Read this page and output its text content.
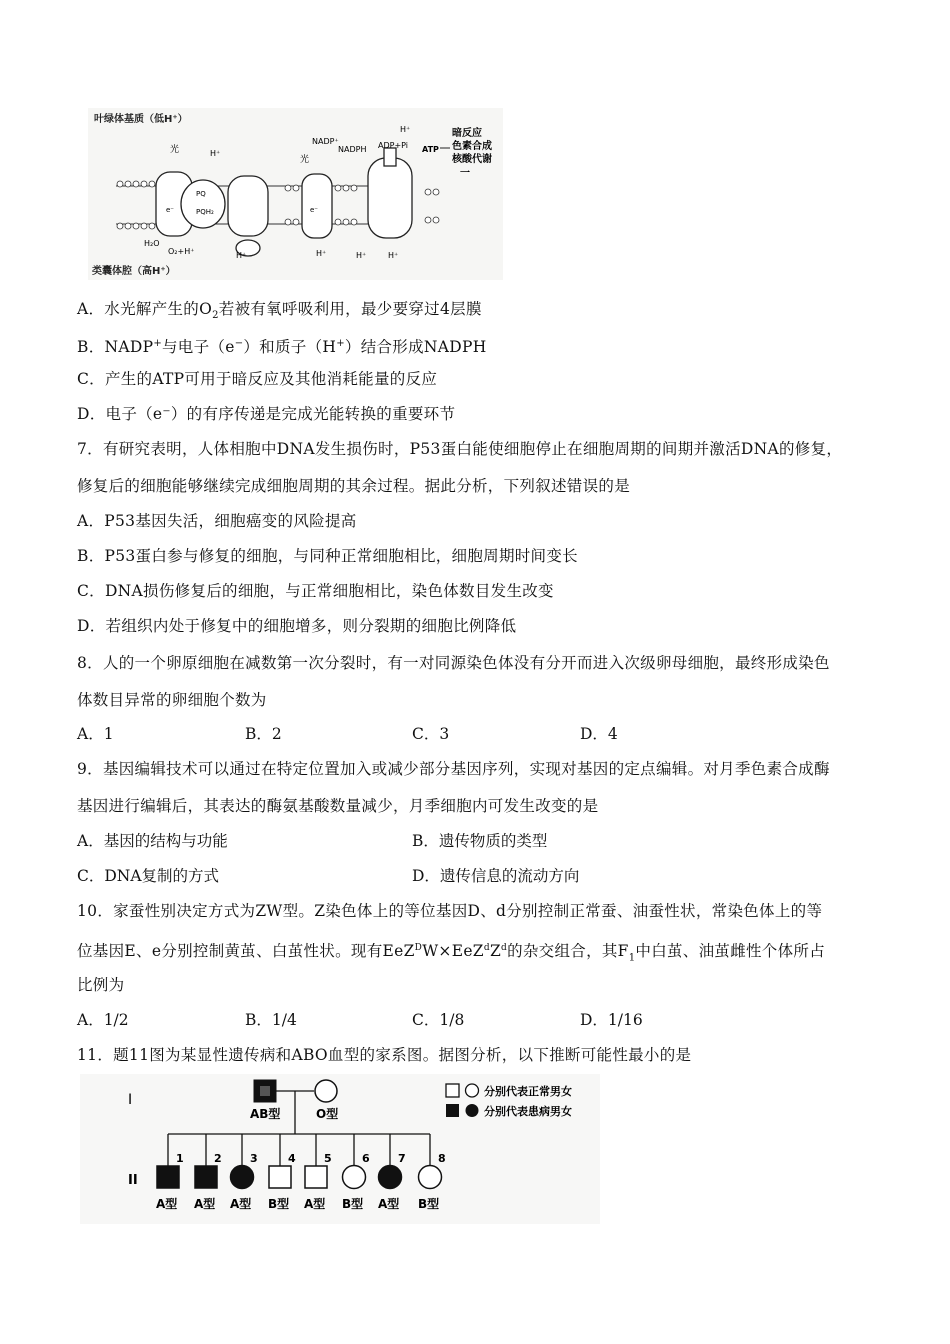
叶绿体基质（低H⁺）
类囊体腔（高H⁺）
光
光
H⁺
H⁺	H⁺	H⁺	H⁺
H⁺
NADP⁺
NADPH ADP+Pi ATP
PQ
PQH₂
e⁻	e⁻
H₂O
O₂+H⁺
暗反应
色素合成
核酸代谢
一
A．水光解产生的$O_2$若被有氧呼吸利用，最少要穿过4层膜
B．NADP+与电子（e−）和质子（H+）结合形成NADPH
C．产生的ATP可用于暗反应及其他消耗能量的反应
D．电子（e⁻）的有序传递是完成光能转换的重要环节
7．有研究表明，人体相胞中DNA发生损伤时，P53蛋白能使细胞停止在细胞周期的间期并激活DNA的修复，
修复后的细胞能够继续完成细胞周期的其余过程。据此分析，下列叙述错误的是
A．P53基因失活，细胞癌变的风险提高
B．P53蛋白参与修复的细胞，与同种正常细胞相比，细胞周期时间变长
C．DNA损伤修复后的细胞，与正常细胞相比，染色体数目发生改变
D．若组织内处于修复中的细胞增多，则分裂期的细胞比例降低
8．人的一个卵原细胞在减数第一次分裂时，有一对同源染色体没有分开而进入次级卵母细胞，最终形成染色
体数目异常的卵细胞个数为
A．1	B．2	C．3	D．4
9．基因编辑技术可以通过在特定位置加入或减少部分基因序列，实现对基因的定点编辑。对月季色素合成酶
基因进行编辑后，其表达的酶氨基酸数量减少，月季细胞内可发生改变的是
A．基因的结构与功能	B．遗传物质的类型
C．DNA复制的方式	D．遗传信息的流动方向
10．家蚕性别决定方式为ZW型。Z染色体上的等位基因D、d分别控制正常蚕、油蚕性状，常染色体上的等
位基因E、e分别控制黄茧、白茧性状。现有$EeZ^DW\times EeZ^dZ^d$的杂交组合，其$F_1$中白茧、油茧雌性个体所占
比例为
A．1/2	B．1/4	C．1/8	D．1/16
11．题11图为某显性遗传病和ABO血型的家系图。据图分析，以下推断可能性最小的是
I
II
AB型	O型
分别代表正常男女
分别代表患病男女
1
A型
2
A型
3
A型
4
B型
5
A型
6
B型
7
A型
8
B型
